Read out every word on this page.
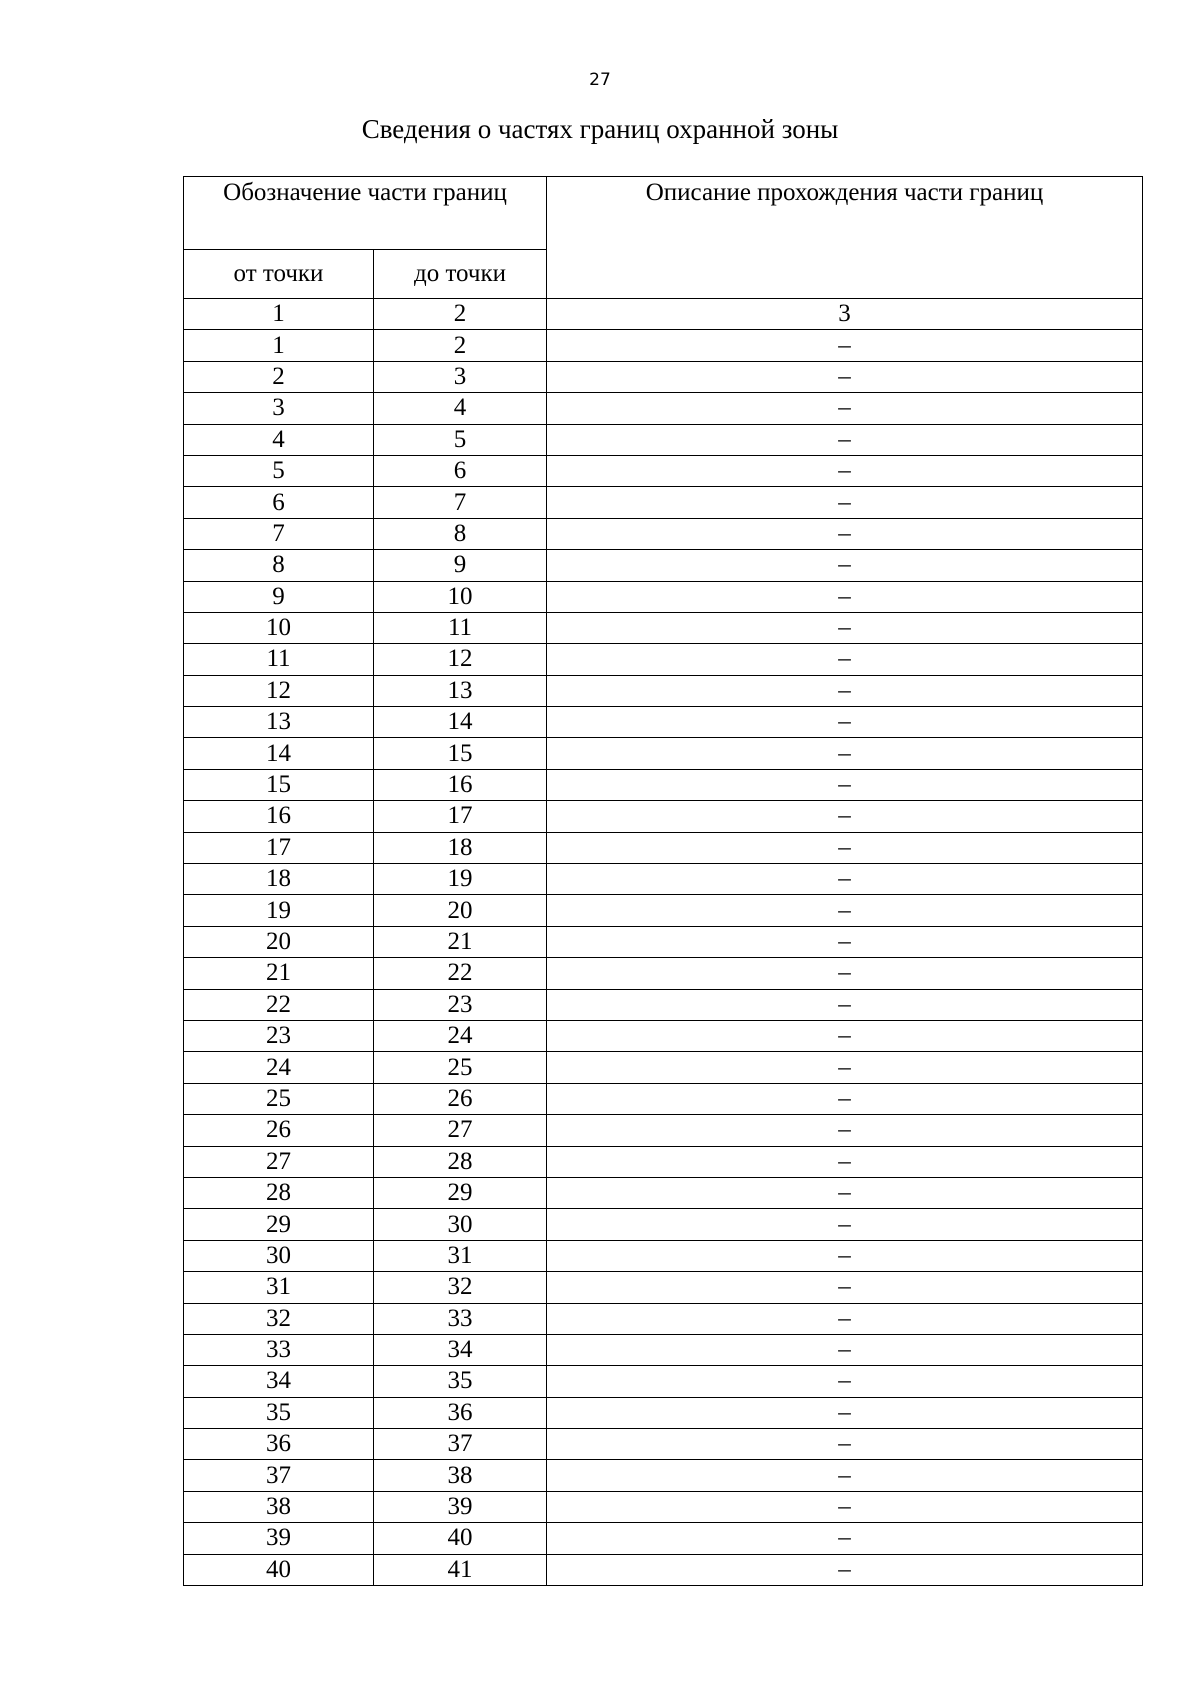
27
Сведения о частях границ охранной зоны
Обозначение части границ		Описание прохождения части границ
от точки	до точки	
1	2	3
1	2	–
2	3	–
3	4	–
4	5	–
5	6	–
6	7	–
7	8	–
8	9	–
9	10	–
10	11	–
11	12	–
12	13	–
13	14	–
14	15	–
15	16	–
16	17	–
17	18	–
18	19	–
19	20	–
20	21	–
21	22	–
22	23	–
23	24	–
24	25	–
25	26	–
26	27	–
27	28	–
28	29	–
29	30	–
30	31	–
31	32	–
32	33	–
33	34	–
34	35	–
35	36	–
36	37	–
37	38	–
38	39	–
39	40	–
40	41	–
